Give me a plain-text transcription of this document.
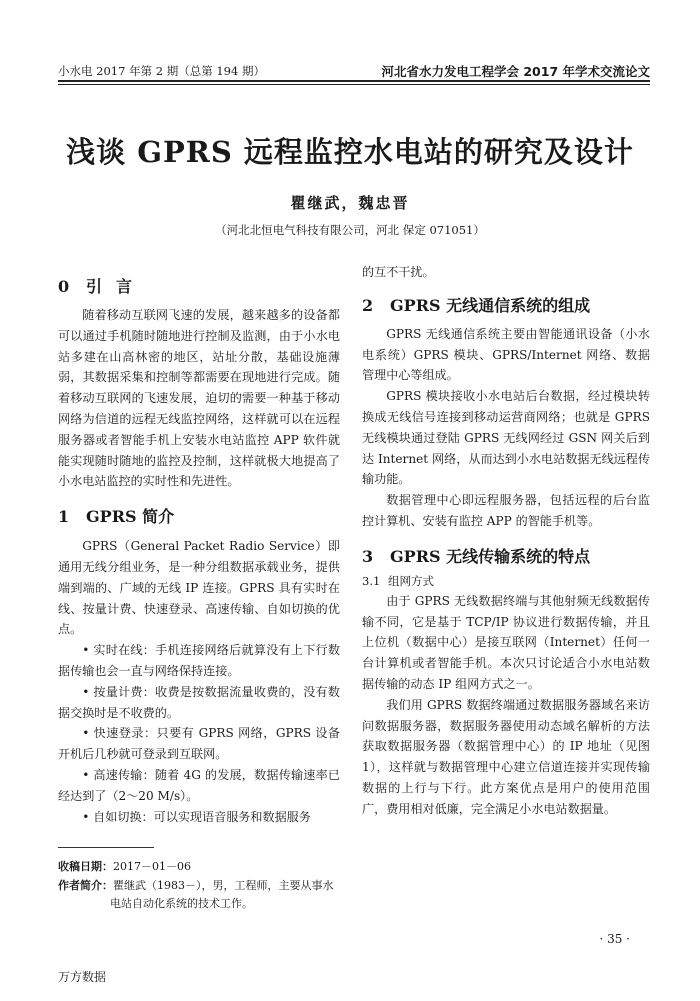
小水电 2017 年第 2 期（总第 194 期）	河北省水力发电工程学会 2017 年学术交流论文
浅谈 GPRS 远程监控水电站的研究及设计
瞿继武，魏忠晋
（河北北恒电气科技有限公司，河北 保定 071051）
0 引言

随着移动互联网飞速的发展，越来越多的设备都可以通过手机随时随地进行控制及监测，由于小水电站多建在山高林密的地区，站址分散，基础设施薄弱，其数据采集和控制等都需要在现地进行完成。随着移动互联网的飞速发展，迫切的需要一种基于移动网络为信道的远程无线监控网络，这样就可以在远程服务器或者智能手机上安装水电站监控 APP 软件就能实现随时随地的监控及控制，这样就极大地提高了小水电站监控的实时性和先进性。

1 GPRS 简介

GPRS（General Packet Radio Service）即通用无线分组业务，是一种分组数据承载业务，提供端到端的、广域的无线 IP 连接。GPRS 具有实时在线、按量计费、快速登录、高速传输、自如切换的优点。

• 实时在线：手机连接网络后就算没有上下行数据传输也会一直与网络保持连接。

• 按量计费：收费是按数据流量收费的，没有数据交换时是不收费的。

• 快速登录：只要有 GPRS 网络，GPRS 设备开机后几秒就可登录到互联网。

• 高速传输：随着 4G 的发展，数据传输速率已经达到了（2～20 M/s）。

• 自如切换：可以实现语音服务和数据服务

的互不干扰。

2 GPRS 无线通信系统的组成

GPRS 无线通信系统主要由智能通讯设备（小水电系统）GPRS 模块、GPRS/Internet 网络、数据管理中心等组成。

GPRS 模块接收小水电站后台数据，经过模块转换成无线信号连接到移动运营商网络；也就是 GPRS 无线模块通过登陆 GPRS 无线网经过 GSN 网关后到达 Internet 网络，从而达到小水电站数据无线远程传输功能。

数据管理中心即远程服务器，包括远程的后台监控计算机、安装有监控 APP 的智能手机等。

3 GPRS 无线传输系统的特点
3.1 组网方式

由于 GPRS 无线数据终端与其他射频无线数据传输不同，它是基于 TCP/IP 协议进行数据传输，并且上位机（数据中心）是接互联网（Internet）任何一台计算机或者智能手机。本次只讨论适合小水电站数据传输的动态 IP 组网方式之一。

我们用 GPRS 数据终端通过数据服务器域名来访问数据服务器，数据服务器使用动态域名解析的方法获取数据服务器（数据管理中心）的 IP 地址（见图 1），这样就与数据管理中心建立信道连接并实现传输数据的上行与下行。此方案优点是用户的使用范围广，费用相对低廉，完全满足小水电站数据量。

收稿日期：2017－01－06
作者简介：瞿继武（1983－），男，工程师，主要从事水电站自动化系统的技术工作。
· 35 ·
万方数据
